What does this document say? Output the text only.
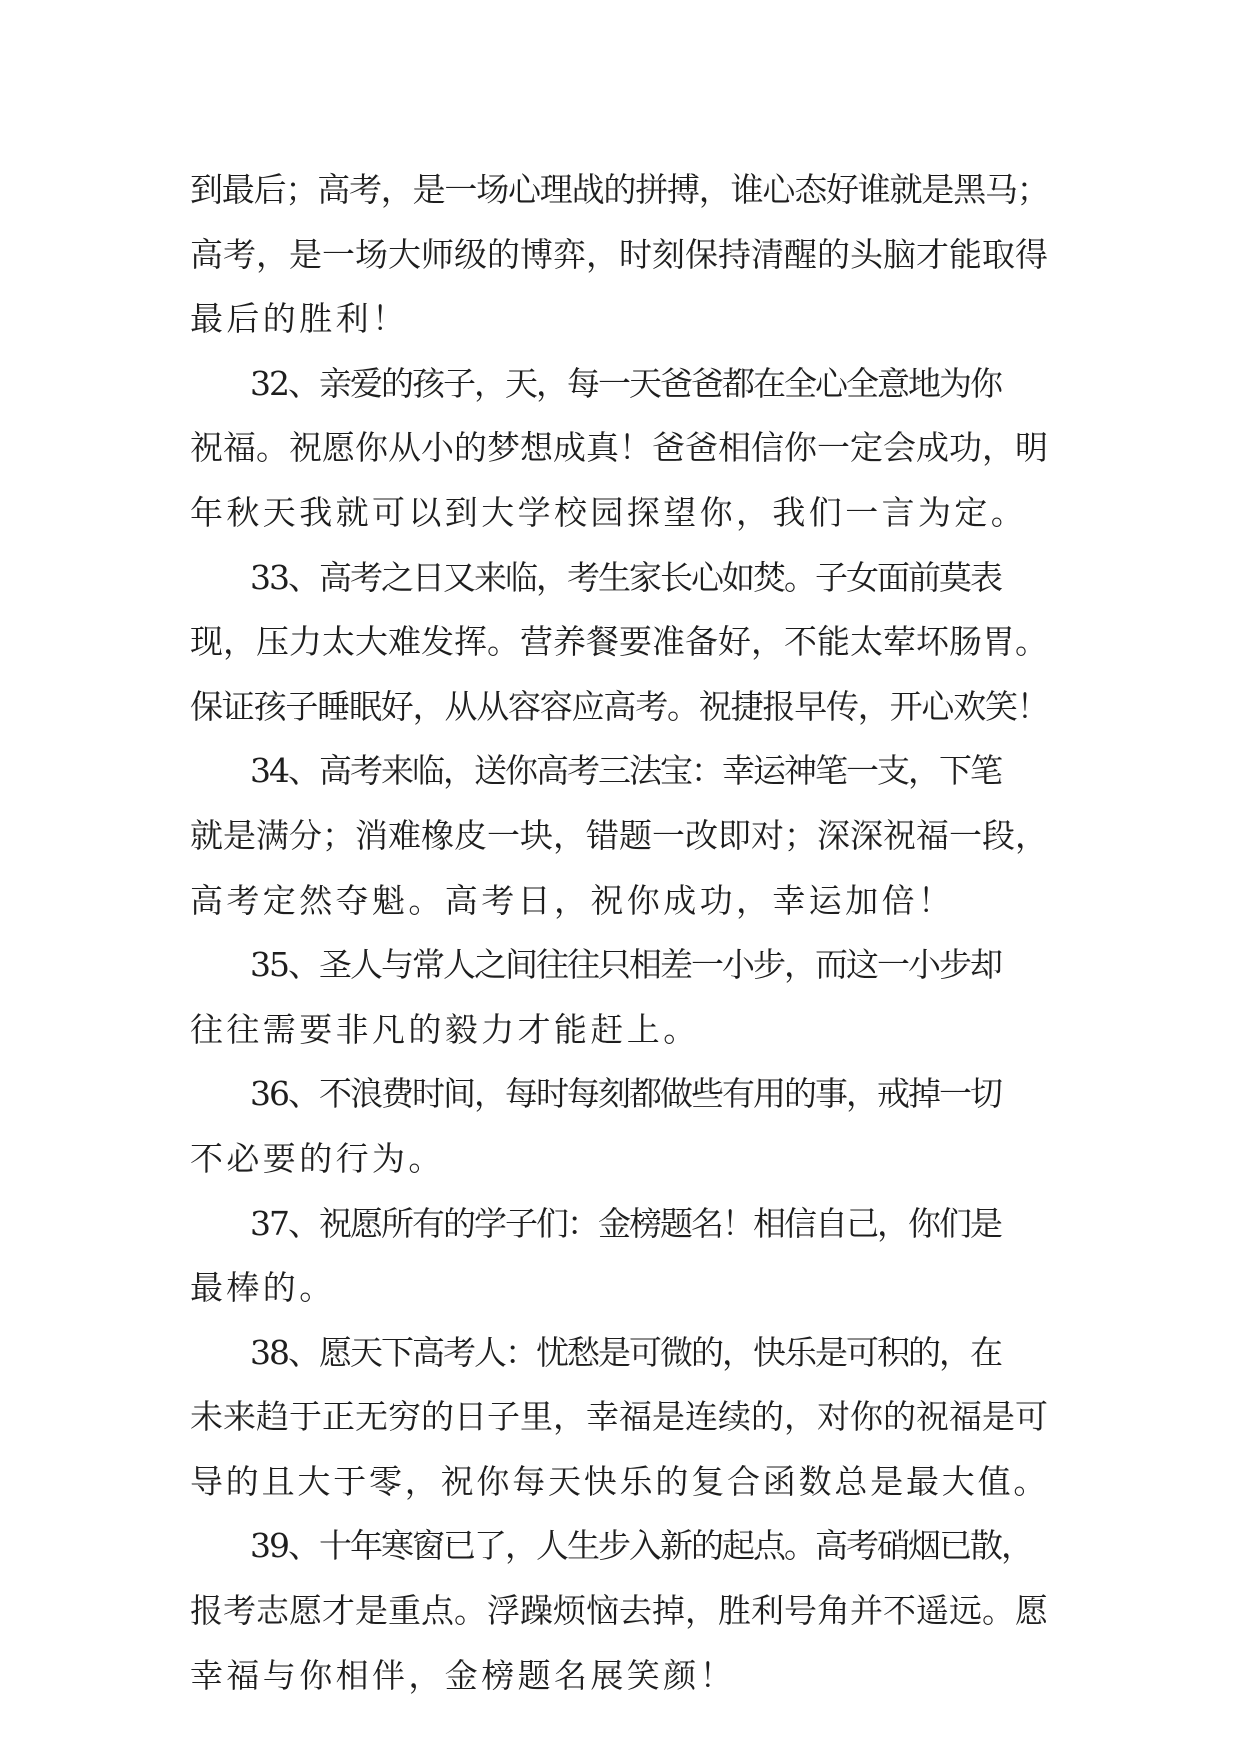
到最后；高考，是一场心理战的拼搏，谁心态好谁就是黑马；
高考，是一场大师级的博弈，时刻保持清醒的头脑才能取得
最后的胜利！
32、亲爱的孩子，天，每一天爸爸都在全心全意地为你
祝福。祝愿你从小的梦想成真！爸爸相信你一定会成功，明
年秋天我就可以到大学校园探望你，我们一言为定。
33、高考之日又来临，考生家长心如焚。子女面前莫表
现，压力太大难发挥。营养餐要准备好，不能太荤坏肠胃。
保证孩子睡眠好，从从容容应高考。祝捷报早传，开心欢笑！
34、高考来临，送你高考三法宝：幸运神笔一支，下笔
就是满分；消难橡皮一块，错题一改即对；深深祝福一段，
高考定然夺魁。高考日，祝你成功，幸运加倍！
35、圣人与常人之间往往只相差一小步，而这一小步却
往往需要非凡的毅力才能赶上。
36、不浪费时间，每时每刻都做些有用的事，戒掉一切
不必要的行为。
37、祝愿所有的学子们：金榜题名！相信自己，你们是
最棒的。
38、愿天下高考人：忧愁是可微的，快乐是可积的，在
未来趋于正无穷的日子里，幸福是连续的，对你的祝福是可
导的且大于零，祝你每天快乐的复合函数总是最大值。
39、十年寒窗已了，人生步入新的起点。高考硝烟已散，
报考志愿才是重点。浮躁烦恼去掉，胜利号角并不遥远。愿
幸福与你相伴，金榜题名展笑颜！
